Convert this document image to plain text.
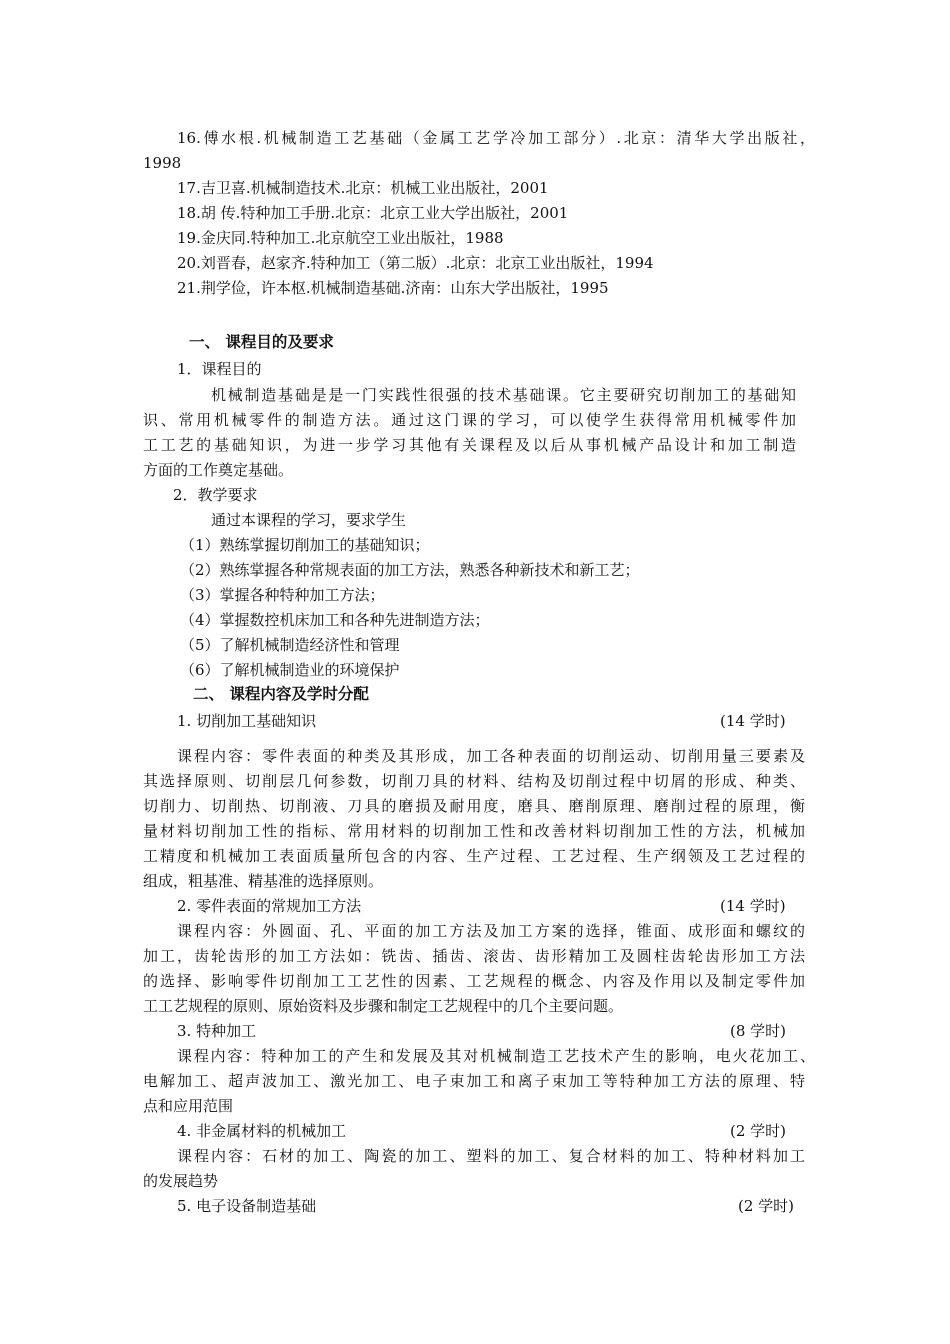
16.傅水根.机械制造工艺基础（金属工艺学冷加工部分）.北京：清华大学出版社，
1998
17.吉卫喜.机械制造技术.北京：机械工业出版社，2001
18.胡 传.特种加工手册.北京：北京工业大学出版社，2001
19.金庆同.特种加工.北京航空工业出版社，1988
20.刘晋春，赵家齐.特种加工（第二版）.北京：北京工业出版社，1994
21.荆学俭，许本枢.机械制造基础.济南：山东大学出版社，1995
一、 课程目的及要求
1．课程目的
机械制造基础是是一门实践性很强的技术基础课。它主要研究切削加工的基础知
识、常用机械零件的制造方法。通过这门课的学习，可以使学生获得常用机械零件加
工工艺的基础知识，为进一步学习其他有关课程及以后从事机械产品设计和加工制造
方面的工作奠定基础。
2．教学要求
通过本课程的学习，要求学生
（1）熟练掌握切削加工的基础知识；
（2）熟练掌握各种常规表面的加工方法，熟悉各种新技术和新工艺；
（3）掌握各种特种加工方法；
（4）掌握数控机床加工和各种先进制造方法；
（5）了解机械制造经济性和管理
（6）了解机械制造业的环境保护
二、 课程内容及学时分配
1. 切削加工基础知识	(14 学时)
课程内容：零件表面的种类及其形成，加工各种表面的切削运动、切削用量三要素及
其选择原则、切削层几何参数，切削刀具的材料、结构及切削过程中切屑的形成、种类、
切削力、切削热、切削液、刀具的磨损及耐用度，磨具、磨削原理、磨削过程的原理，衡
量材料切削加工性的指标、常用材料的切削加工性和改善材料切削加工性的方法，机械加
工精度和机械加工表面质量所包含的内容、生产过程、工艺过程、生产纲领及工艺过程的
组成，粗基准、精基准的选择原则。
2. 零件表面的常规加工方法	(14 学时)
课程内容：外圆面、孔、平面的加工方法及加工方案的选择，锥面、成形面和螺纹的
加工，齿轮齿形的加工方法如：铣齿、插齿、滚齿、齿形精加工及圆柱齿轮齿形加工方法
的选择、影响零件切削加工工艺性的因素、工艺规程的概念、内容及作用以及制定零件加
工工艺规程的原则、原始资料及步骤和制定工艺规程中的几个主要问题。
3. 特种加工	(8 学时)
课程内容：特种加工的产生和发展及其对机械制造工艺技术产生的影响，电火花加工、
电解加工、超声波加工、激光加工、电子束加工和离子束加工等特种加工方法的原理、特
点和应用范围
4. 非金属材料的机械加工	(2 学时)
课程内容：石材的加工、陶瓷的加工、塑料的加工、复合材料的加工、特种材料加工
的发展趋势
5. 电子设备制造基础	(2 学时)
